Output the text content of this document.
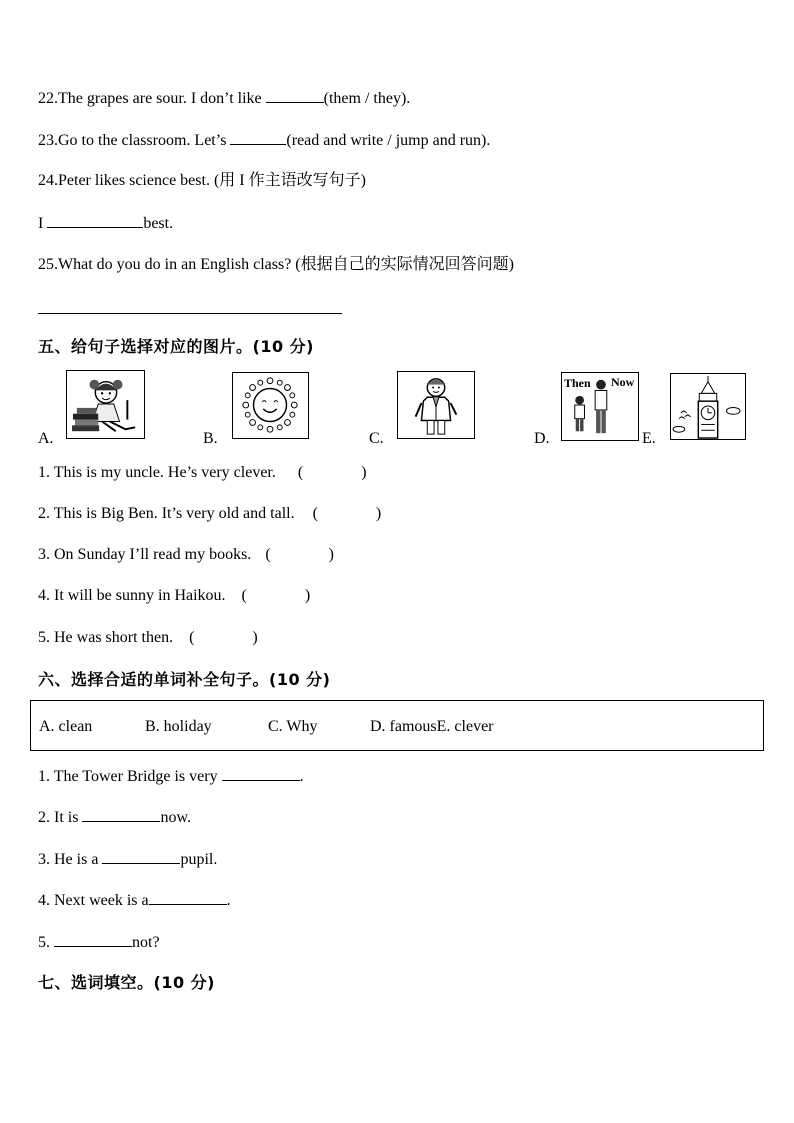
22.The grapes are sour. I don’t like	(them / they).
23.Go to the classroom. Let’s	(read and write / jump and run).
24.Peter likes science best. (用 I 作主语改写句子)
I	best.
25.What do you do in an English class? (根据自己的实际情况回答问题)
五、给句子选择对应的图片。(10 分)
A.	B.	C.	D.
Then Now
E.
1. This is my uncle. He’s very clever. (	)
2. This is Big Ben. It’s very old and tall. (	)
3. On Sunday I’ll read my books. (	)
4. It will be sunny in Haikou. (	)
5. He was short then. (	)
六、选择合适的单词补全句子。(10 分)
A. clean	B. holiday	C. Why	D. famousE. clever
1. The Tower Bridge is very	.
2. It is	now.
3. He is a	pupil.
4. Next week is a	.
5.	not?
七、选词填空。(10 分)
